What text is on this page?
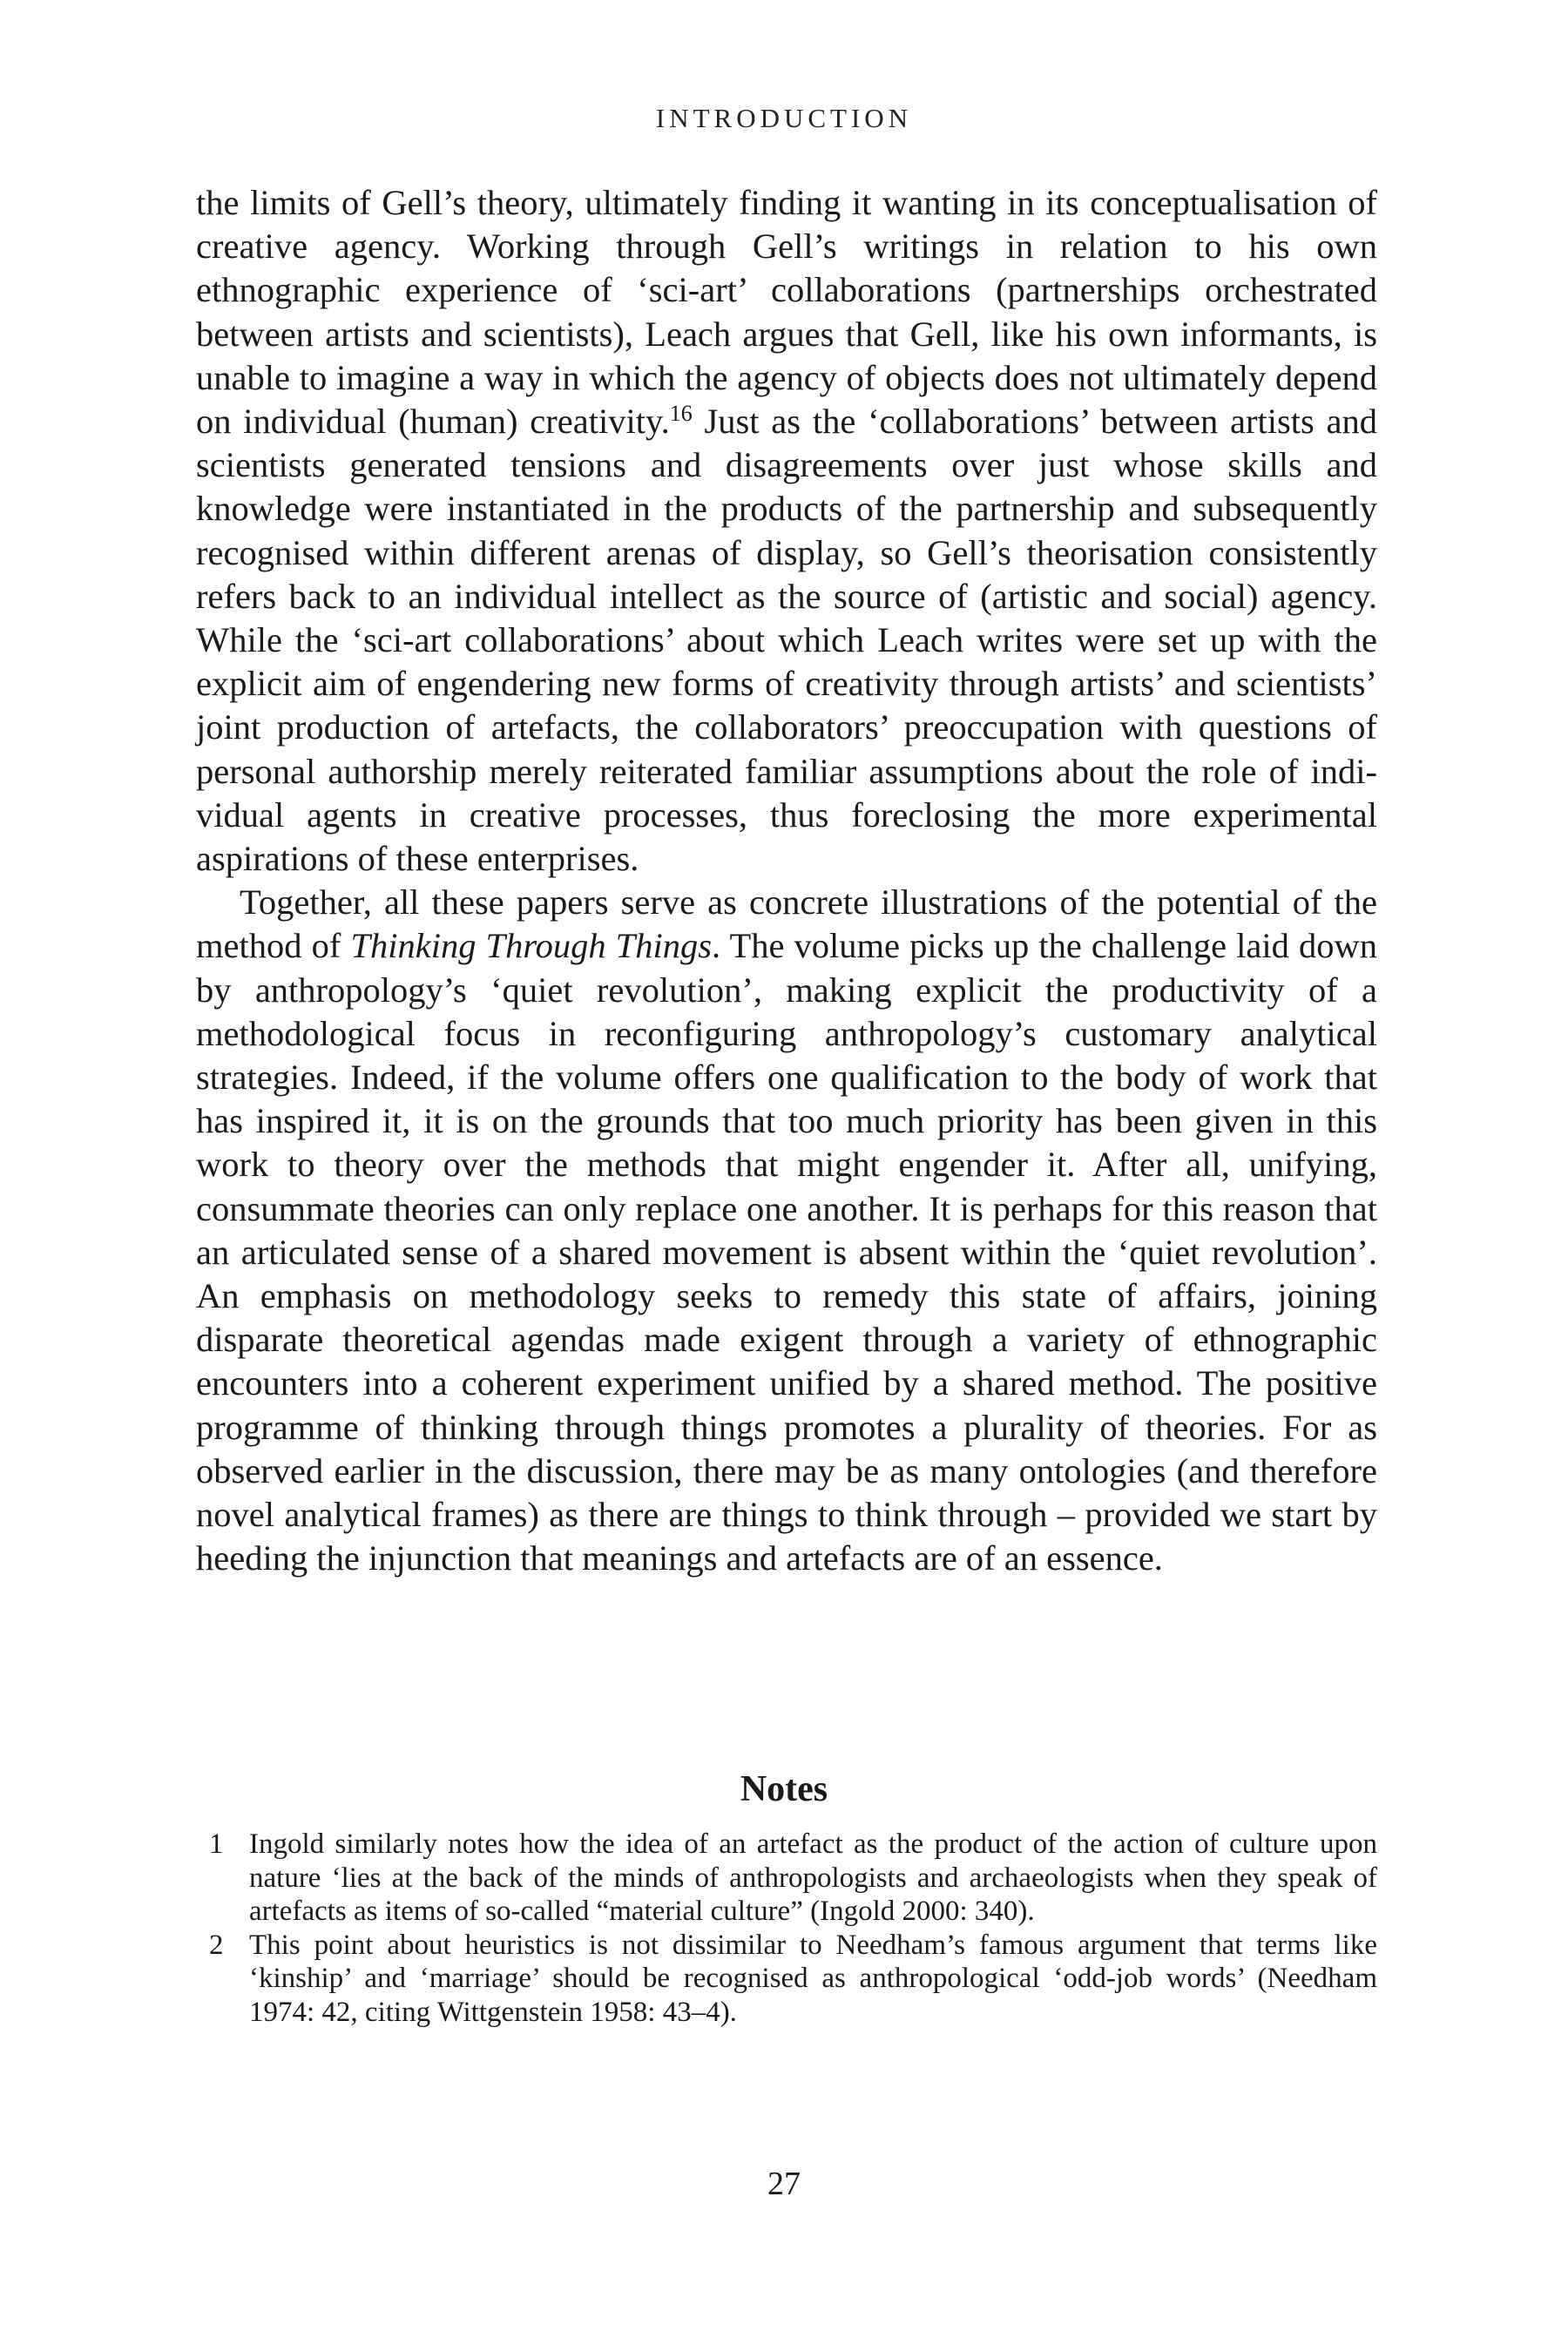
INTRODUCTION

the limits of Gell’s theory, ultimately finding it wanting in its conceptualisation of creative agency. Working through Gell’s writings in relation to his own ethnographic experience of ‘sci-art’ collaborations (partnerships orchestrated between artists and scientists), Leach argues that Gell, like his own informants, is unable to imagine a way in which the agency of objects does not ultimately depend on individual (human) creativity.$^{16}$ Just as the ‘collaborations’ between artists and scientists generated tensions and disagreements over just whose skills and knowledge were instantiated in the products of the partnership and subsequently recognised within different arenas of display, so Gell’s theorisation consistently refers back to an individual intellect as the source of (artistic and social) agency. While the ‘sci-art collaborations’ about which Leach writes were set up with the explicit aim of engendering new forms of creativity through artists’ and scientists’ joint production of artefacts, the collaborators’ preoccupation with questions of personal authorship merely reiterated familiar assumptions about the role of individual agents in creative processes, thus foreclosing the more experimental aspirations of these enterprises.

Together, all these papers serve as concrete illustrations of the potential of the method of Thinking Through Things. The volume picks up the challenge laid down by anthropology’s ‘quiet revolution’, making explicit the productivity of a methodological focus in reconfiguring anthropology’s customary analytical strategies. Indeed, if the volume offers one qualification to the body of work that has inspired it, it is on the grounds that too much priority has been given in this work to theory over the methods that might engender it. After all, unifying, consummate theories can only replace one another. It is perhaps for this reason that an articulated sense of a shared movement is absent within the ‘quiet revolution’. An emphasis on methodology seeks to remedy this state of affairs, joining disparate theoretical agendas made exigent through a variety of ethnographic encounters into a coherent experiment unified by a shared method. The positive programme of thinking through things promotes a plurality of theories. For as observed earlier in the discussion, there may be as many ontologies (and therefore novel analytical frames) as there are things to think through – provided we start by heeding the injunction that meanings and artefacts are of an essence.

Notes
1 Ingold similarly notes how the idea of an artefact as the product of the action of culture upon nature ‘lies at the back of the minds of anthropologists and archaeologists when they speak of artefacts as items of so-called “material culture” (Ingold 2000: 340).
2 This point about heuristics is not dissimilar to Needham’s famous argument that terms like ‘kinship’ and ‘marriage’ should be recognised as anthropological ‘odd-job words’ (Needham 1974: 42, citing Wittgenstein 1958: 43–4).
27
